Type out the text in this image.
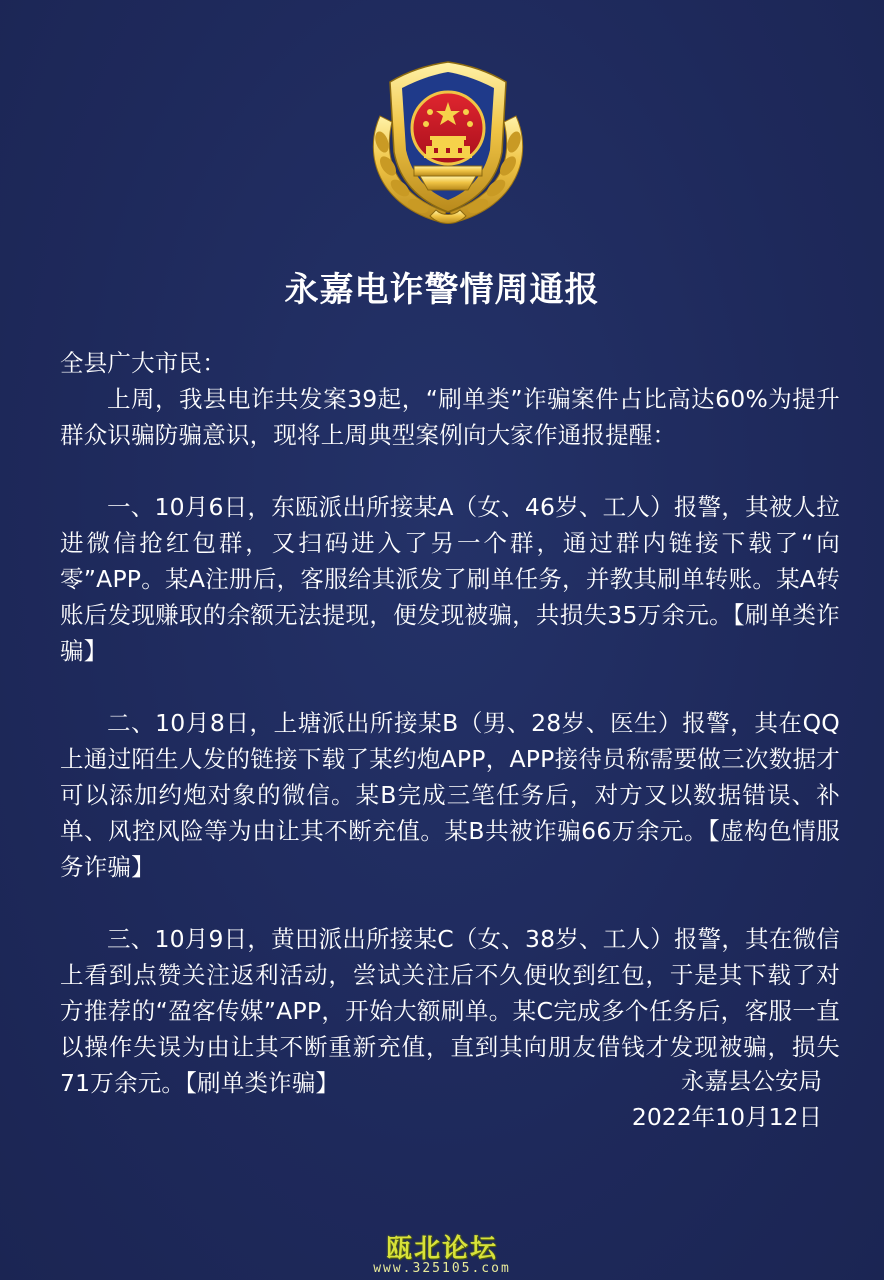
永嘉电诈警情周通报

全县广大市民：

上周，我县电诈共发案39起，“刷单类”诈骗案件占比高达60%为提升群众识骗防骗意识，现将上周典型案例向大家作通报提醒：

一、10月6日，东瓯派出所接某A（女、46岁、工人）报警，其被人拉进微信抢红包群，又扫码进入了另一个群，通过群内链接下载了“向零”APP。某A注册后，客服给其派发了刷单任务，并教其刷单转账。某A转账后发现赚取的余额无法提现，便发现被骗，共损失35万余元。【刷单类诈骗】

二、10月8日，上塘派出所接某B（男、28岁、医生）报警，其在QQ上通过陌生人发的链接下载了某约炮APP，APP接待员称需要做三次数据才可以添加约炮对象的微信。某B完成三笔任务后，对方又以数据错误、补单、风控风险等为由让其不断充值。某B共被诈骗66万余元。【虚构色情服务诈骗】

三、10月9日，黄田派出所接某C（女、38岁、工人）报警，其在微信上看到点赞关注返利活动，尝试关注后不久便收到红包，于是其下载了对方推荐的“盈客传媒”APP，开始大额刷单。某C完成多个任务后，客服一直以操作失误为由让其不断重新充值，直到其向朋友借钱才发现被骗，损失71万余元。【刷单类诈骗】	永嘉县公安局
2022年10月12日
瓯北论坛
www.325105.com
